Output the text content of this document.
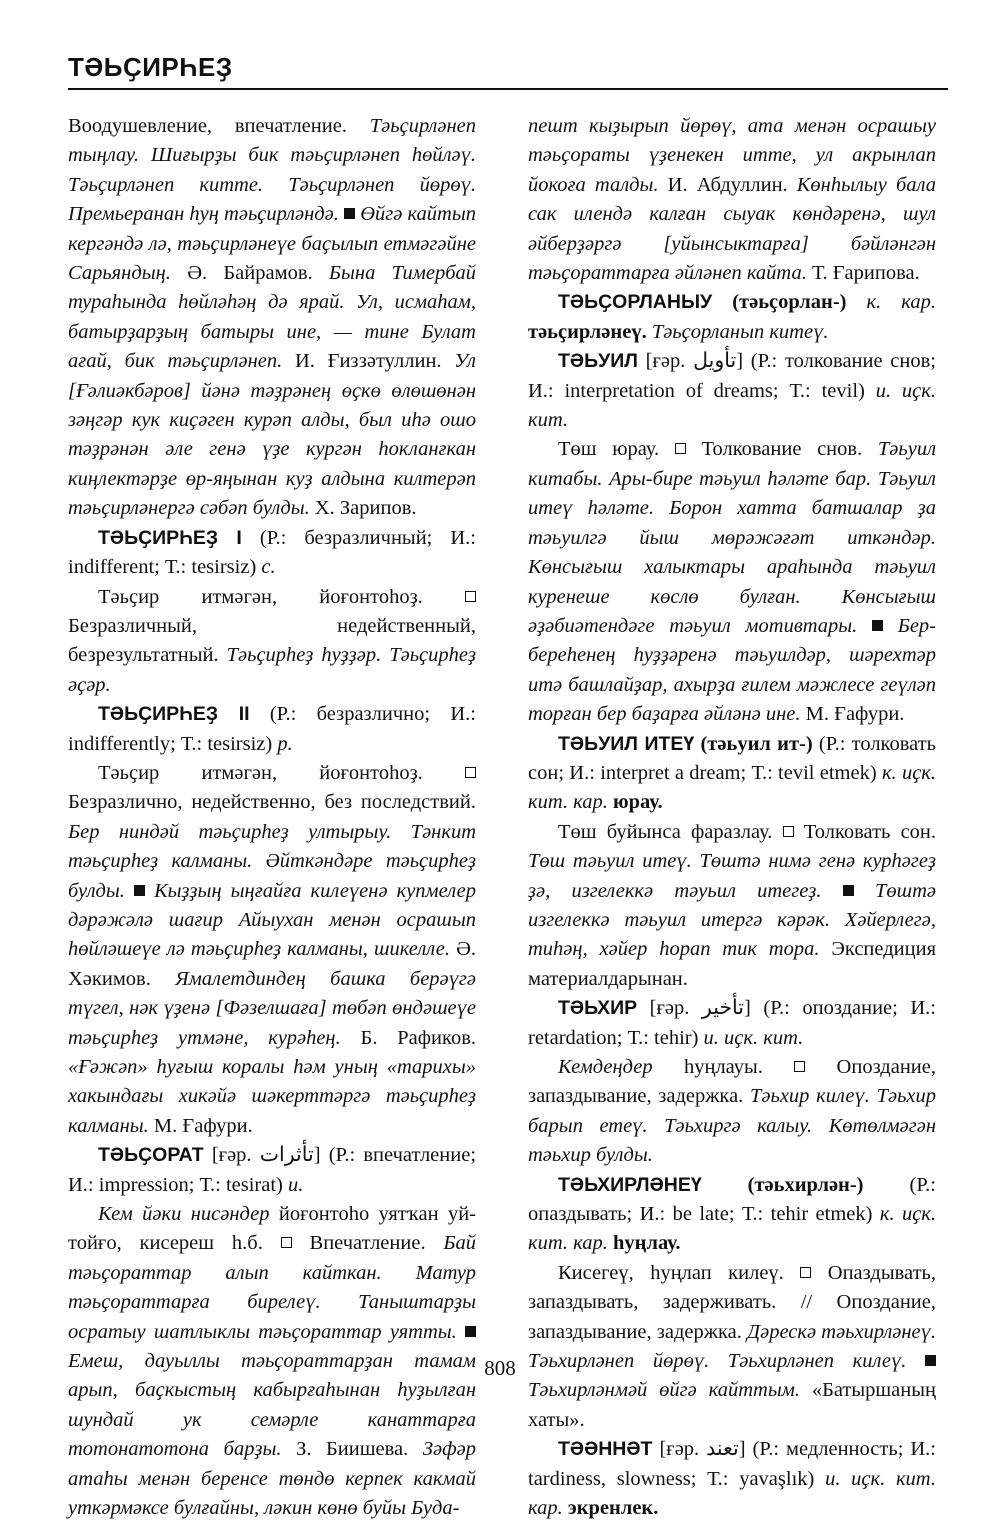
ТӘЬҪИРҺЕҘ

Воодушевление, впечатление. Тәьҫирләнеп тыңлау. Шиғырҙы бик тәьҫирләнеп һөйләү. Тәьҫирләнеп китте. Тәьҫирләнеп йөрөү. Премьеранан һуң тәьҫирләндә. Өйгә кайтып кергәндә лә, тәьҫирләнеүе баҫылып етмәгәйне Сарьяндың. Ә. Байрамов. Бына Тимербай тураһында һөйләһәң дә ярай. Ул, исмаһам, батырҙарҙың батыры ине, — тине Булат ағай, бик тәьҫирләнеп. И. Ғиззәтуллин. Ул [Ғәлиәкбәров] йәнә тәҙрәнең өҫкө өлөшөнән зәңгәр кук киҫәген курәп алды, был иһә ошо тәҙрәнән әле генә үҙе кургән һокланғкан киңлектәрҙе өр-яңынан куҙ алдына килтерәп тәьҫирләнергә сәбәп булды. Х. Зарипов.

ТӘЬҪИРҺЕҘ I (Р.: безразличный; И.: indifferent; Т.: tesirsiz) с.

Тәьҫир итмәгән, йоғонтоһоҙ.  Безразличный, недейственный, безрезультатный. Тәьҫирһеҙ һуҙҙәр. Тәьҫирһеҙ әҫәр.

ТӘЬҪИРҺЕҘ II (Р.: безразлично; И.: indifferently; Т.: tesirsiz) р.

Тәьҫир итмәгән, йоғонтоһоҙ.  Безразлично, недейственно, без последствий. Бер ниндәй тәьҫирһеҙ ултырыу. Тәнкит тәьҫирһеҙ калманы. Әйткәндәре тәьҫирһеҙ булды. Кыҙҙың ыңғайға килеүенә купмелер дәрәжәлә шағир Айыухан менән осрашып һөйләшеүе лә тәьҫирһеҙ калманы, шикелле. Ә. Хәкимов. Ямалетдиндең башка берәүгә түгел, нәк үҙенә [Фәзелшаға] төбәп өндәшеүе тәьҫирһеҙ утмәне, курәһең. Б. Рафиков. «Ғәжәп» һуғыш коралы һәм уның «тарихы» хакындағы хикәйә шәкерттәргә тәьҫирһеҙ калманы. М. Ғафури.

ТӘЬҪОРАТ [ғәр. تأثرات] (Р.: впечатление; И.: impression; Т.: tesirat) и.

Кем йәки нисәндер йоғонтоһо уятҡан уй-тойғо, кисереш һ.б. Впечатление. Бай тәьҫораттар алып кайткан. Матур тәьҫораттарға бирелеү. Таныштарҙы осратыу шатлыклы тәьҫораттар уятты.  Емеш, дауыллы тәьҫораттарҙан тамам арып, баҫкыстың кабырғаһынан һуҙылған шундай ук семәрле канаттарға тотонатотона барҙы. З. Биишева. Зәфәр атаһы менән беренсе төндө керпек какмай уткәрмәксе булғайны, ләкин көнө буйы Буда-

пешт кыҙырып йөрөү, ата менән осрашыу тәьҫораты үҙенекен итте, ул акрынлап йокоға талды. И. Абдуллин. Көнһылыу бала сак илендә калған сыуак көндәренә, шул әйберҙәргә [уйынсыктарға] бәйләнгән тәьҫораттарға әйләнеп кайта. Т. Ғарипова.

ТӘЬҪОРЛАНЫУ (тәьҫорлан-) к. кар. тәьҫирләнеү. Тәьҫорланып китеү.

ТӘЬУИЛ [ғәр. تأويل] (Р.: толкование снов; И.: interpretation of dreams; Т.: tevil) и. иҫк. кит.

Төш юрау. Толкование снов. Тәьуил китабы. Ары-бире тәьуил һәләте бар. Тәьуил итеү һәләте. Борон хатта батшалар ҙа тәьуилгә йыш мөрәжәғәт иткәндәр. Көнсығыш халыктары араһында тәьуил куренеше көслө булған. Көнсығыш әҙәбиәтендәге тәьуил мотивтары. Бер-береһенең һуҙҙәренә тәьуилдәр, шәрехтәр итә башлайҙар, ахырҙа ғилем мәжлесе геүләп торған бер баҙарға әйләнә ине. М. Ғафури.

ТӘЬУИЛ ИТЕҮ (тәьуил ит-) (Р.: толковать сон; И.: interpret a dream; Т.: tevil etmek) к. иҫк. кит. кар. юрау.

Төш буйынса фаразлау. Толковать сон. Төш тәьуил итеү. Төштә нимә генә курһәгеҙ ҙә, изгелеккә тәуьил итегеҙ.	Төштә изгелеккә тәьуил итергә кәрәк. Хәйерлегә, тиһәң, хәйер һорап тик тора. Экспедиция материалдарынан.

ТӘЬХИР [ғәр. تأخير] (Р.: опоздание; И.: retardation; Т.: tehir) и. иҫк. кит.

Кемдеңдер һуңлауы.	Опоздание, запаздывание, задержка. Тәьхир килеү. Тәьхир барып етеү. Тәьхиргә калыу. Көтөлмәгән тәьхир булды.

ТӘЬХИРЛӘНЕҮ (тәьхирлән-) (Р.: опаздывать; И.: be late; Т.: tehir etmek) к. иҫк. кит. кар. һуңлау.

Кисегеү, һуңлап килеү. Опаздывать, запаздывать, задерживать. // Опоздание, запаздывание, задержка. Дәрескә тәьхирләнеү. Тәьхирләнеп йөрөү. Тәьхирләнеп килеү.  Тәьхирләнмәй өйгә кайттым. «Батыршаның хаты».

ТӘӘННӘТ [ғәр. تعند] (Р.: медленность; И.: tardiness, slowness; Т.: yavaşlık) и. иҫк. кит. кар. экренлек.

808
